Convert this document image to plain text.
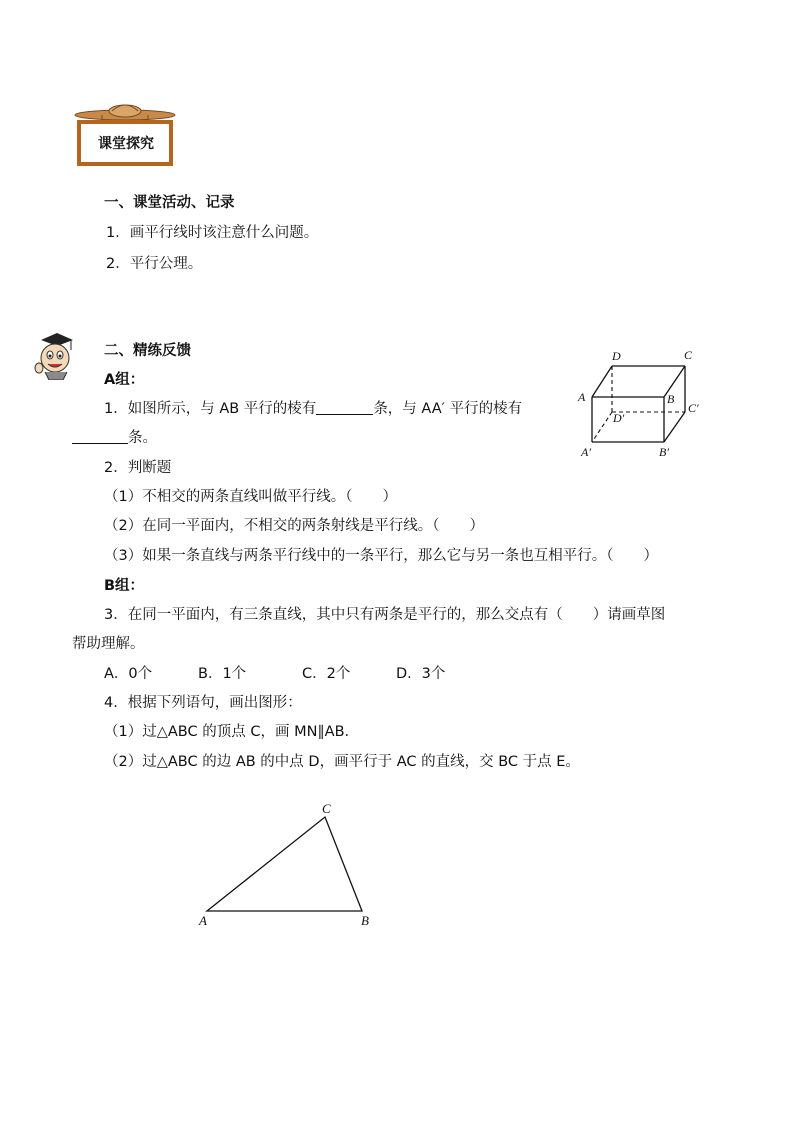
课堂探究
一、课堂活动、记录
1．画平行线时该注意什么问题。
2．平行公理。
二、精练反馈
A组：
1．如图所示，与 AB 平行的棱有	条，与 AA′ 平行的棱有
条。
2．判断题
（1）不相交的两条直线叫做平行线。（ ）
（2）在同一平面内，不相交的两条射线是平行线。（ ）
（3）如果一条直线与两条平行线中的一条平行，那么它与另一条也互相平行。（ ）
B组：
3．在同一平面内，有三条直线，其中只有两条是平行的，那么交点有（ ）请画草图
帮助理解。
A．0个	B．1个	C．2个	D．3个
4．根据下列语句，画出图形：
（1）过△ABC 的顶点 C，画 MN∥AB．
（2）过△ABC 的边 AB 的中点 D，画平行于 AC 的直线，交 BC 于点 E。
D	C
A	B
C′
D′
A′	B′
C
A	B
